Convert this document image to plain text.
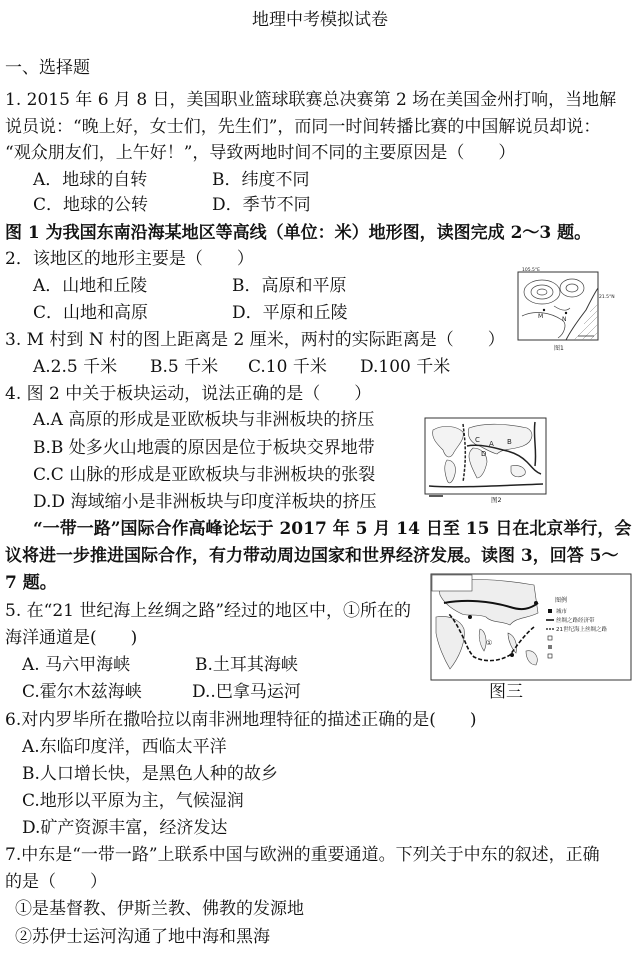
地理中考模拟试卷
一、选择题
1. 2015 年 6 月 8 日，美国职业篮球联赛总决赛第 2 场在美国金州打响，当地解
说员说：“晚上好，女士们，先生们”，而同一时间转播比赛的中国解说员却说：
“观众朋友们，上午好！”，导致两地时间不同的主要原因是（　　）
A．地球的自转	B．纬度不同
C．地球的公转	D．季节不同
图 1 为我国东南沿海某地区等高线（单位：米）地形图，读图完成 2～3 题。
2．该地区的地形主要是（　　）
A．山地和丘陵	B．高原和平原
C．山地和高原	D．平原和丘陵	M	N
105.5°E
21.5°N
图1
3. M 村到 N 村的图上距离是 2 厘米，两村的实际距离是（　　）
A.2.5 千米 B.5 千米 C.10 千米 D.100 千米
4. 图 2 中关于板块运动，说法正确的是（　　）
A.A 高原的形成是亚欧板块与非洲板块的挤压
B.B 处多火山地震的原因是位于板块交界地带
C.C 山脉的形成是亚欧板块与非洲板块的张裂
D.D 海域缩小是非洲板块与印度洋板块的挤压
A B
C
D
图2
“一带一路”国际合作高峰论坛于 2017 年 5 月 14 日至 15 日在北京举行，会
议将进一步推进国际合作，有力带动周边国家和世界经济发展。读图 3，回答 5～
7 题。
①
图例
城市
丝绸之路经济带
21世纪海上丝绸之路
5. 在“21 世纪海上丝绸之路”经过的地区中，①所在的
海洋通道是(　　)
A. 马六甲海峡	B.土耳其海峡
C.霍尔木兹海峡	D..巴拿马运河	图三
6.对内罗毕所在撒哈拉以南非洲地理特征的描述正确的是(　　)
A.东临印度洋，西临太平洋
B.人口增长快，是黑色人种的故乡
C.地形以平原为主，气候湿润
D.矿产资源丰富，经济发达
7.中东是“一带一路”上联系中国与欧洲的重要通道。下列关于中东的叙述，正确
的是（　　）
①是基督教、伊斯兰教、佛教的发源地
②苏伊士运河沟通了地中海和黑海
